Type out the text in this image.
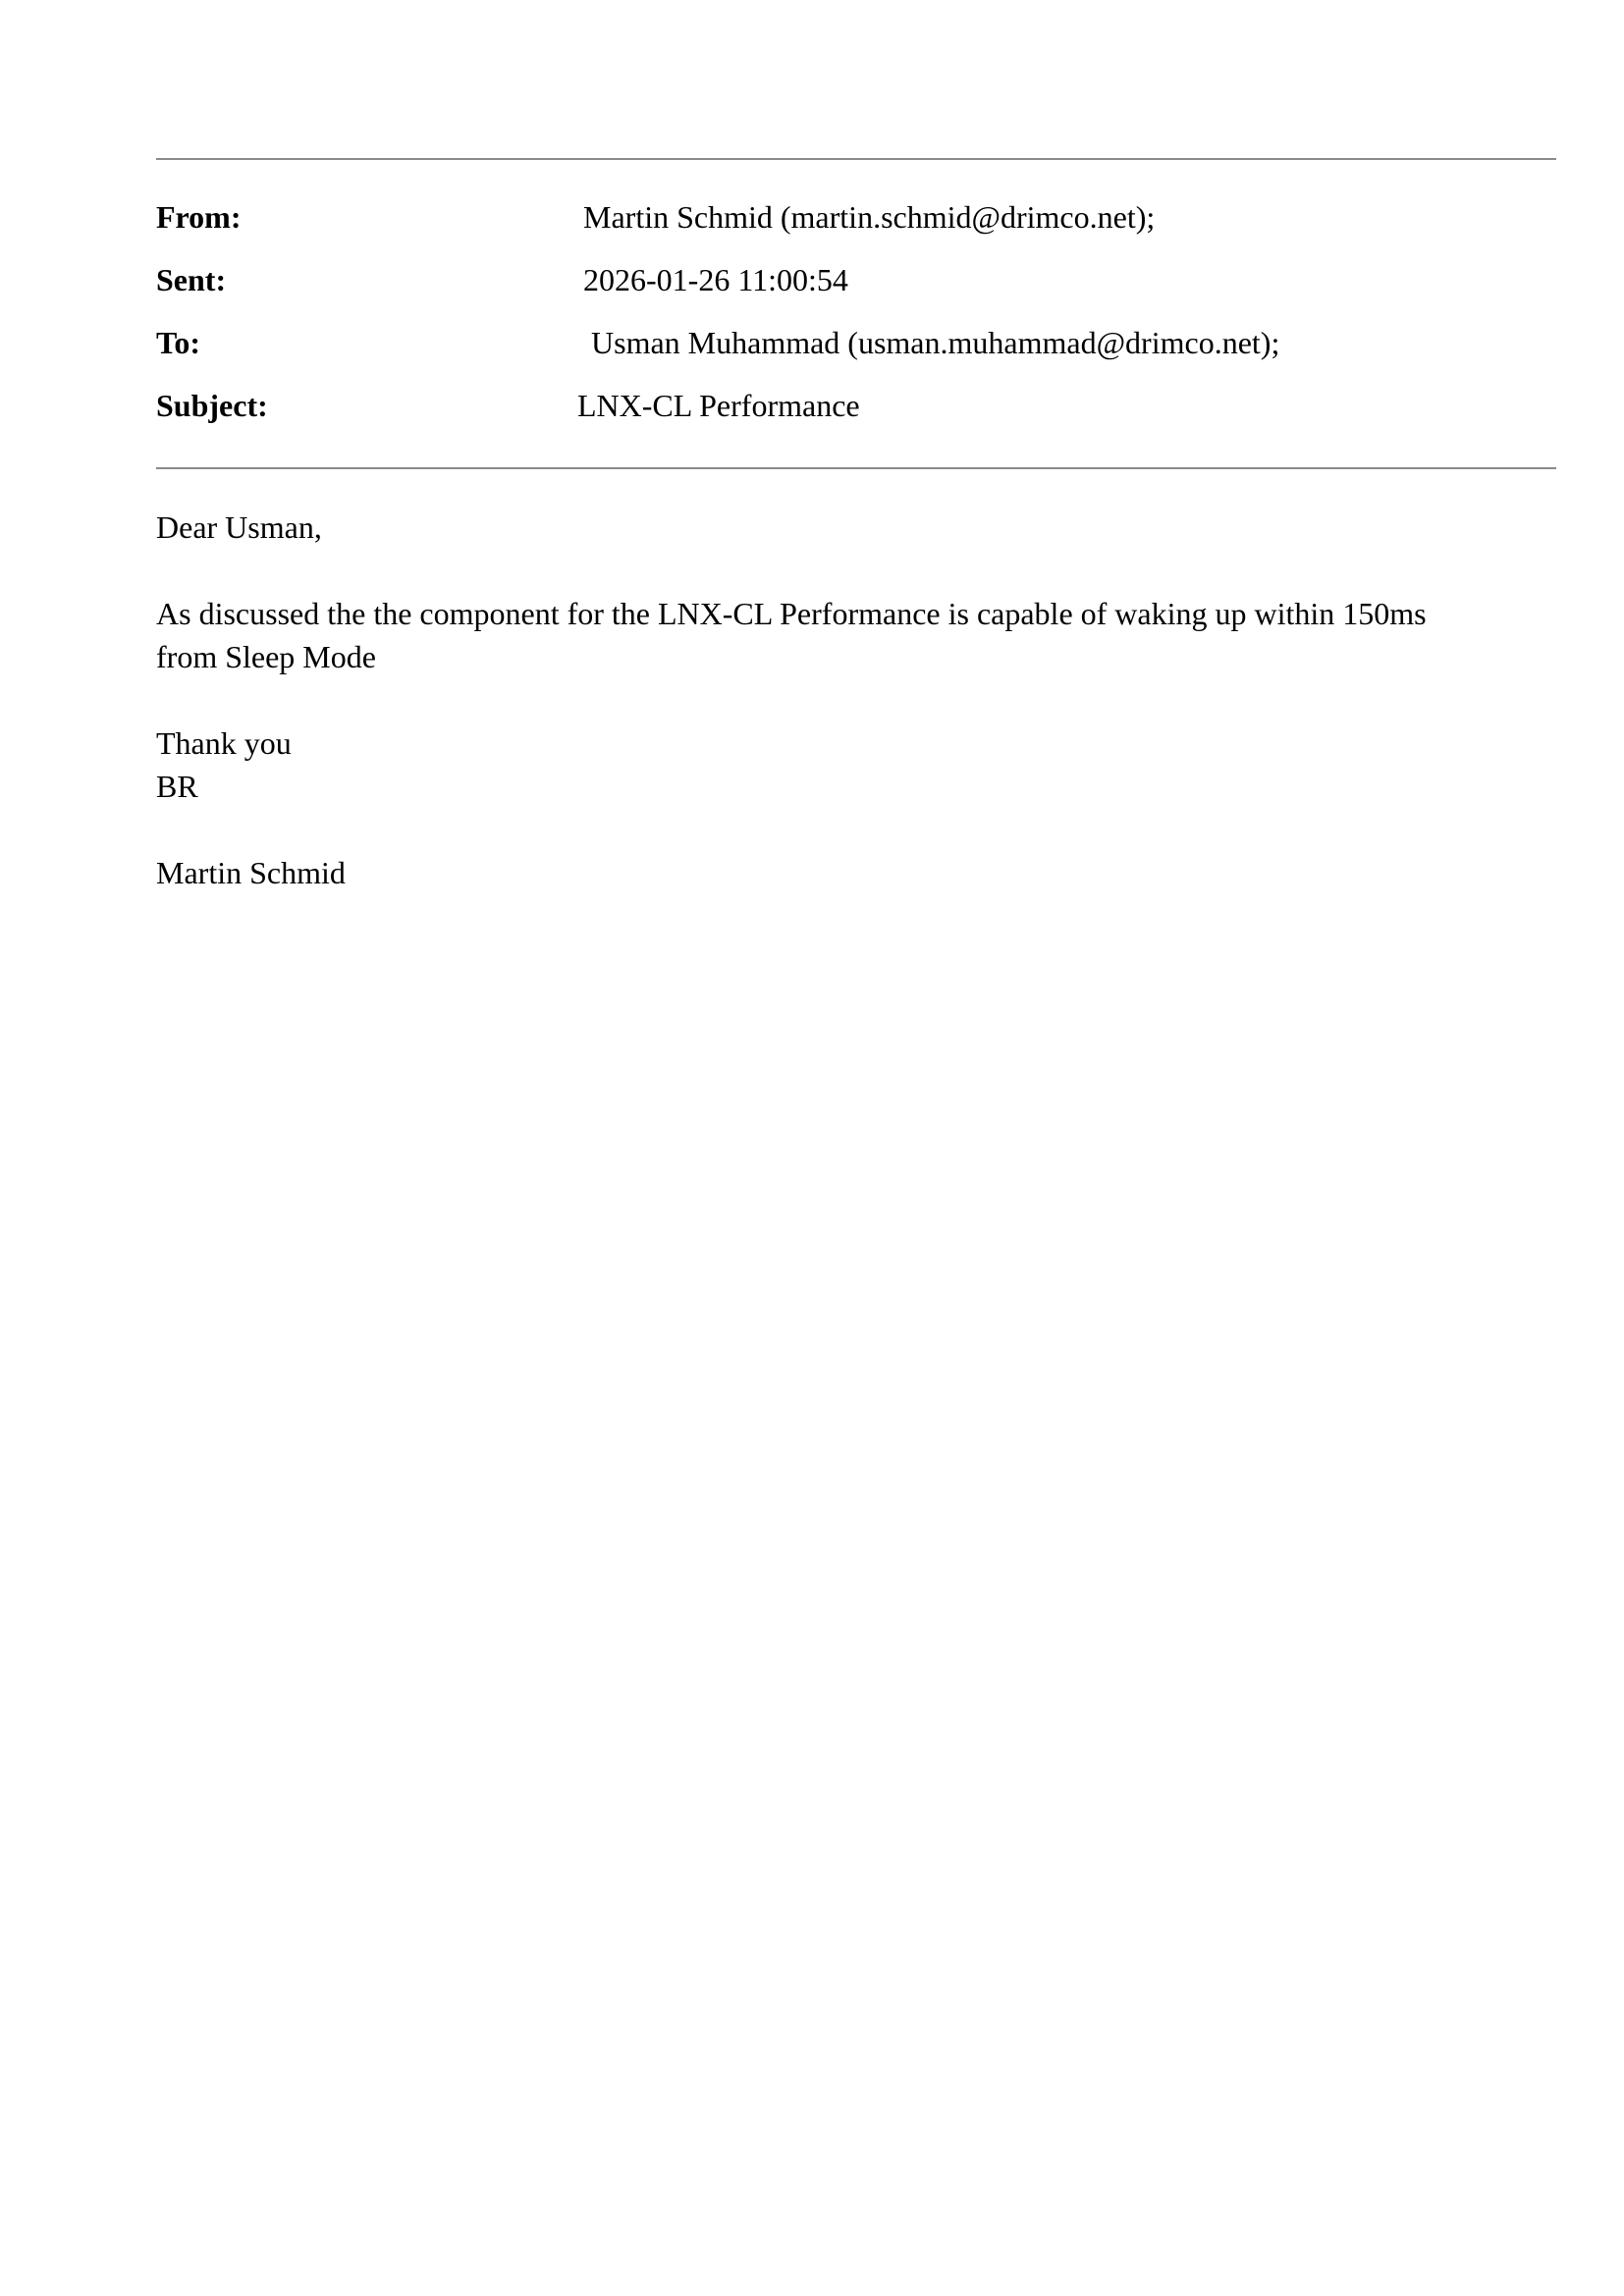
From:	Martin Schmid (martin.schmid@drimco.net);
Sent:	2026-01-26 11:00:54
To:	Usman Muhammad (usman.muhammad@drimco.net);
Subject:	LNX-CL Performance

Dear Usman,

As discussed the the component for the LNX-CL Performance is capable of waking up within 150ms

from Sleep Mode

Thank you

BR

Martin Schmid
